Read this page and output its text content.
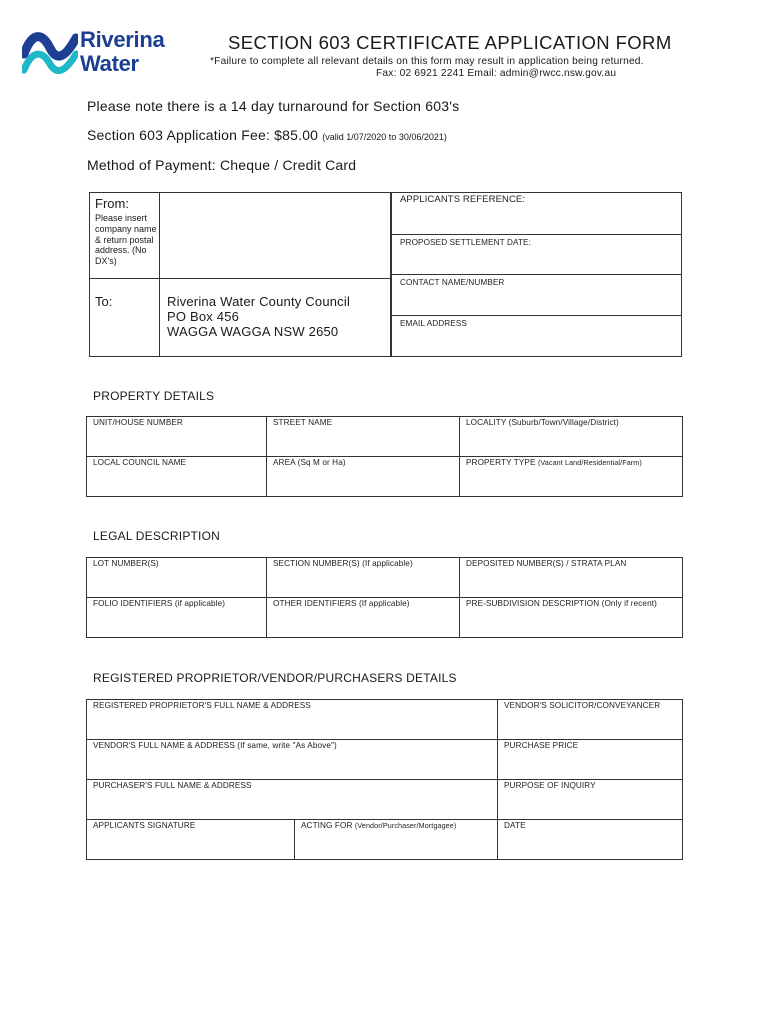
Riverina
Water
SECTION 603 CERTIFICATE APPLICATION FORM
*Failure to complete all relevant details on this form may result in application being returned.
Fax: 02 6921 2241 Email: admin@rwcc.nsw.gov.au
Please note there is a 14 day turnaround for Section 603's
Section 603 Application Fee: $85.00 (valid 1/07/2020 to 30/06/2021)
Method of Payment: Cheque / Credit Card
From:
Please insert company name & return postal address. (No DX's)
To:	Riverina Water County Council
PO Box 456
WAGGA WAGGA NSW 2650
APPLICANTS REFERENCE:
PROPOSED SETTLEMENT DATE:
CONTACT NAME/NUMBER
EMAIL ADDRESS
PROPERTY DETAILS
UNIT/HOUSE NUMBER	STREET NAME	LOCALITY (Suburb/Town/Village/District)
LOCAL COUNCIL NAME	AREA (Sq M or Ha)	PROPERTY TYPE (Vacant Land/Residential/Farm)
LEGAL DESCRIPTION
LOT NUMBER(S)	SECTION NUMBER(S) (If applicable)	DEPOSITED NUMBER(S) / STRATA PLAN
FOLIO IDENTIFIERS (if applicable)	OTHER IDENTIFIERS (If applicable)	PRE-SUBDIVISION DESCRIPTION (Only if recent)
REGISTERED PROPRIETOR/VENDOR/PURCHASERS DETAILS
REGISTERED PROPRIETOR'S FULL NAME & ADDRESS	VENDOR'S SOLICITOR/CONVEYANCER
VENDOR'S FULL NAME & ADDRESS (If same, write "As Above")	PURCHASE PRICE
PURCHASER'S FULL NAME & ADDRESS	PURPOSE OF INQUIRY
APPLICANTS SIGNATURE	ACTING FOR (Vendor/Purchaser/Mortgagee)	DATE
